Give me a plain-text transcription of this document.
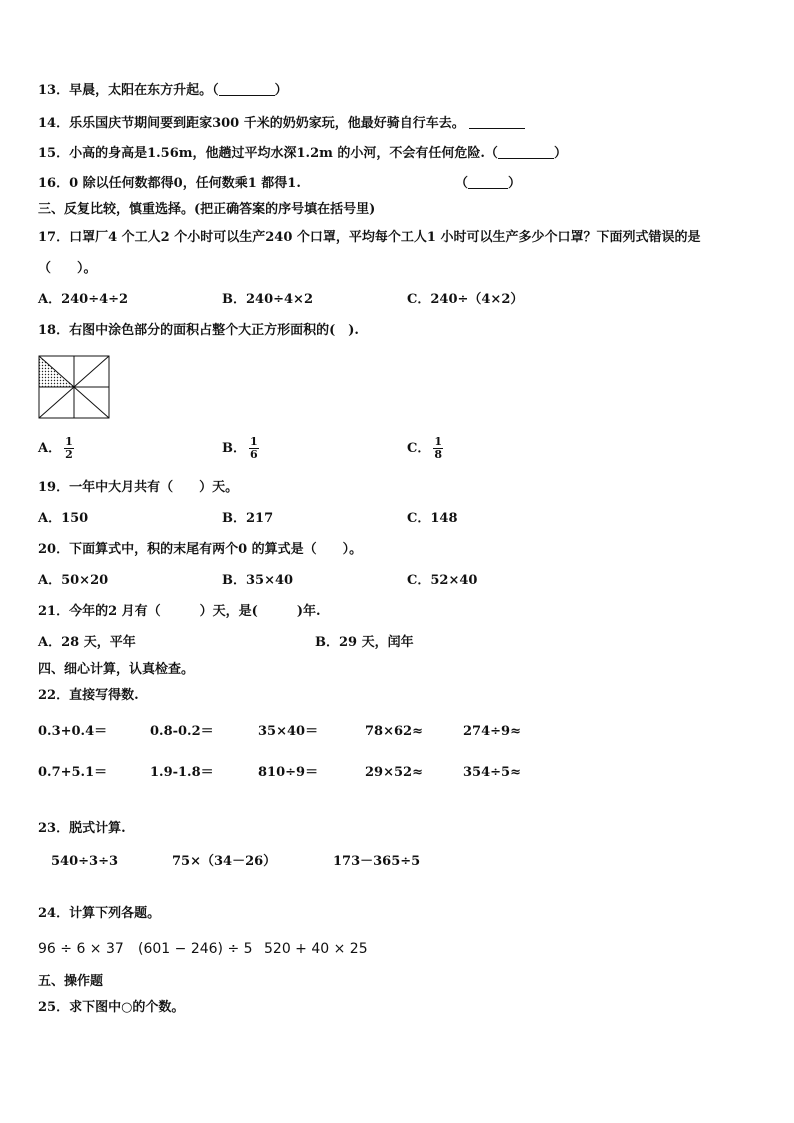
13．早晨，太阳在东方升起。（	）
14．乐乐国庆节期间要到距家300 千米的奶奶家玩，他最好骑自行车去。
15．小高的身高是1.56m，他趟过平均水深1.2m 的小河，不会有任何危险.（	）
16．0 除以任何数都得0，任何数乘1 都得1.	（	）
三、反复比较，慎重选择。(把正确答案的序号填在括号里)
17．口罩厂4 个工人2 个小时可以生产240 个口罩，平均每个工人1 小时可以生产多少个口罩？下面列式错误的是
（　　）。
A．240÷4÷2	B．240÷4×2	C．240÷（4×2）
18．右图中涂色部分的面积占整个大正方形面积的(　).
A． $\frac{1}{2}$	B． $\frac{1}{6}$	C． $\frac{1}{8}$
19．一年中大月共有（　　）天。
A．150	B．217	C．148
20．下面算式中，积的末尾有两个0 的算式是（　　）。
A．50×20	B．35×40	C．52×40
21．今年的2 月有（　　　）天，是(　　　)年.
A．28 天，平年	B．29 天，闰年
四、细心计算，认真检查。
22．直接写得数.
0.3+0.4＝	0.8-0.2＝	35×40＝	78×62≈	274÷9≈
0.7+5.1＝	1.9-1.8＝	810÷9＝	29×52≈	354÷5≈
23．脱式计算.
540÷3÷3	75×（34－26）	173－365÷5
24．计算下列各题。
96 ÷ 6 × 37 (601 − 246) ÷ 5 520 + 40 × 25
五、操作题
25．求下图中○的个数。
